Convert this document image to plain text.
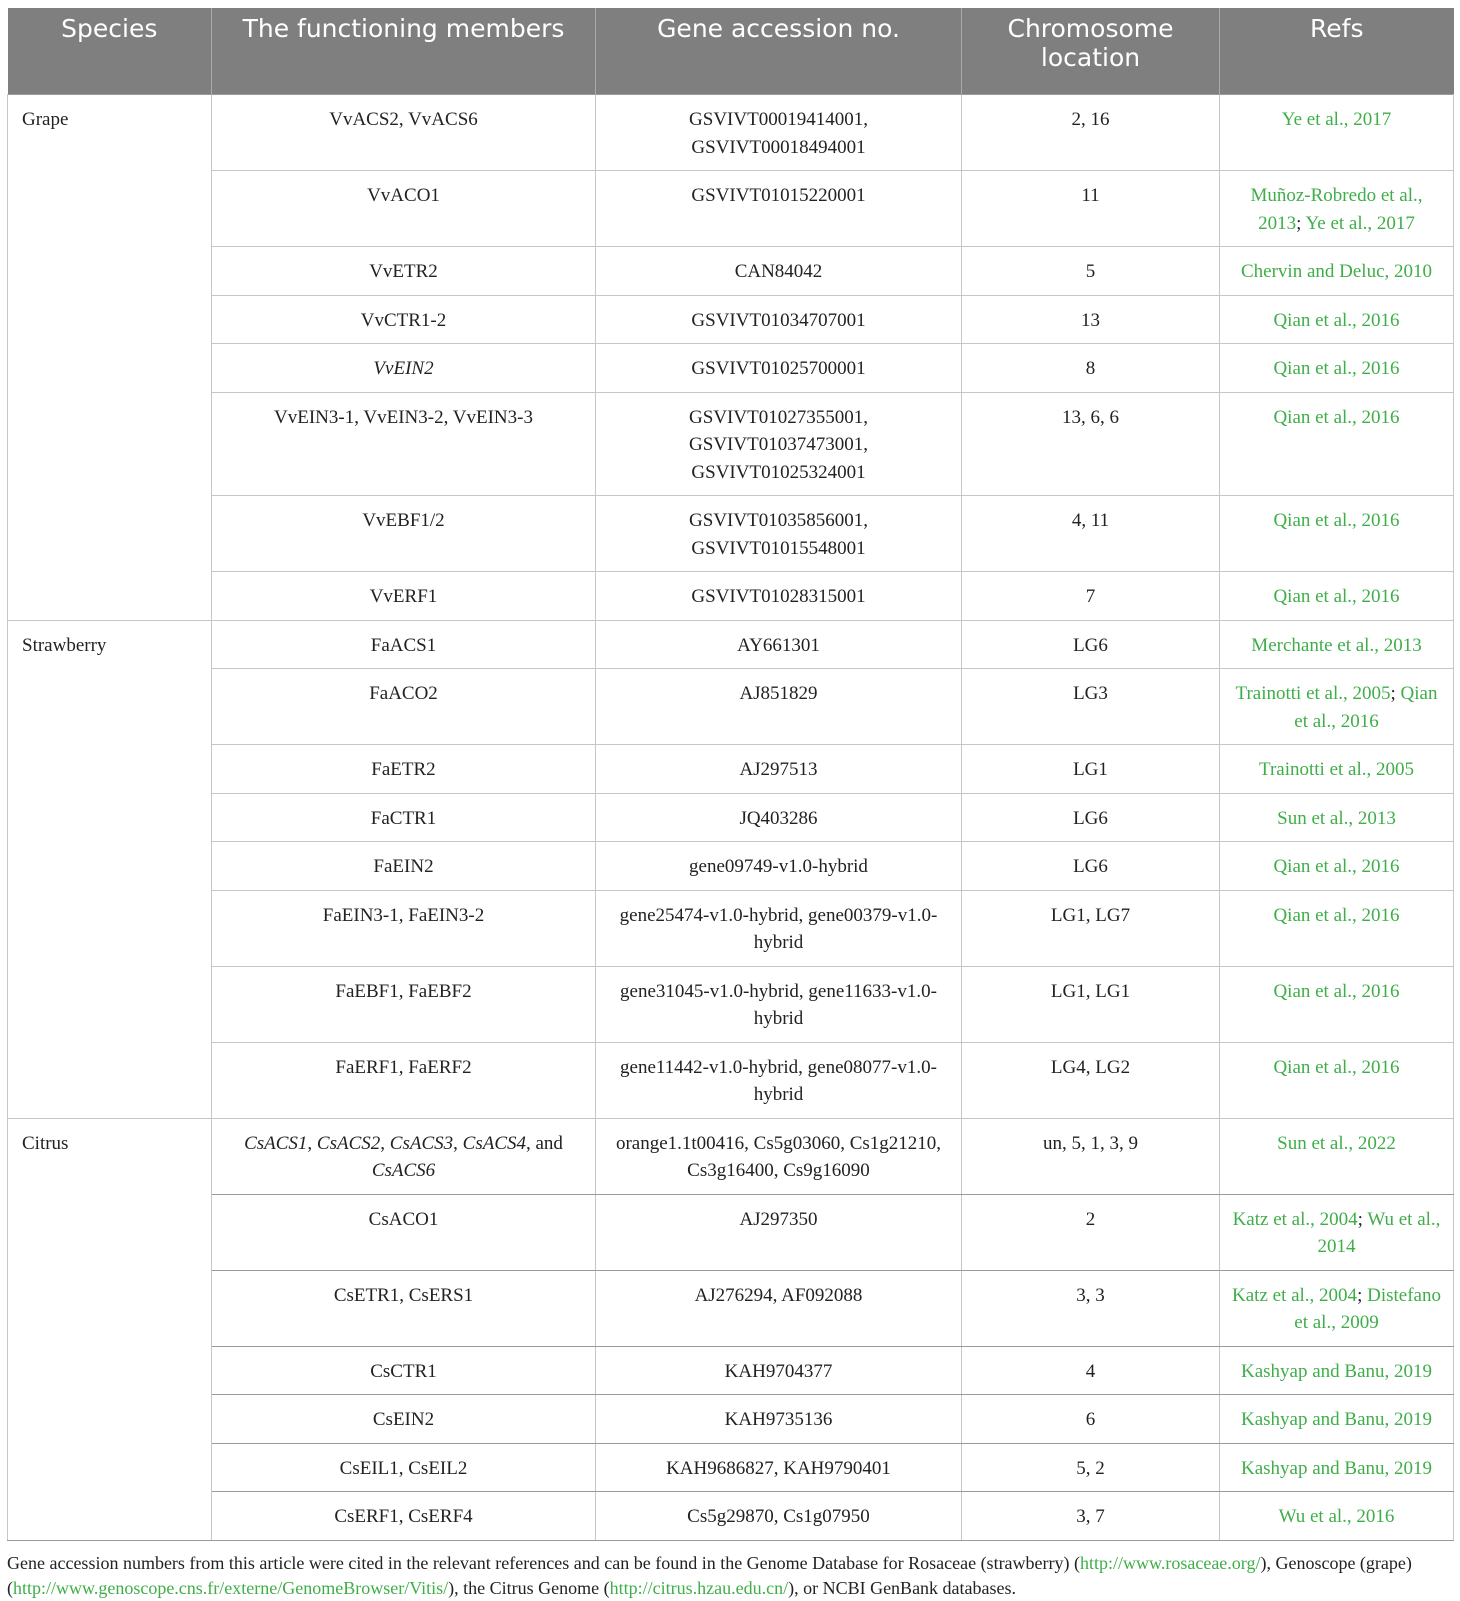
Species	The functioning members	Gene accession no.	Chromosome location	Refs
Grape	VvACS2, VvACS6	GSVIVT00019414001, GSVIVT00018494001	2, 16	Ye et al., 2017
	VvACO1	GSVIVT01015220001	11	Muñoz-Robredo et al., 2013; Ye et al., 2017
	VvETR2	CAN84042	5	Chervin and Deluc, 2010
	VvCTR1-2	GSVIVT01034707001	13	Qian et al., 2016
	VvEIN2	GSVIVT01025700001	8	Qian et al., 2016
	VvEIN3-1, VvEIN3-2, VvEIN3-3	GSVIVT01027355001, GSVIVT01037473001, GSVIVT01025324001	13, 6, 6	Qian et al., 2016
	VvEBF1/2	GSVIVT01035856001, GSVIVT01015548001	4, 11	Qian et al., 2016
	VvERF1	GSVIVT01028315001	7	Qian et al., 2016
Strawberry	FaACS1	AY661301	LG6	Merchante et al., 2013
	FaACO2	AJ851829	LG3	Trainotti et al., 2005; Qian et al., 2016
	FaETR2	AJ297513	LG1	Trainotti et al., 2005
	FaCTR1	JQ403286	LG6	Sun et al., 2013
	FaEIN2	gene09749-v1.0-hybrid	LG6	Qian et al., 2016
	FaEIN3-1, FaEIN3-2	gene25474-v1.0-hybrid, gene00379-v1.0-hybrid	LG1, LG7	Qian et al., 2016
	FaEBF1, FaEBF2	gene31045-v1.0-hybrid, gene11633-v1.0-hybrid	LG1, LG1	Qian et al., 2016
	FaERF1, FaERF2	gene11442-v1.0-hybrid, gene08077-v1.0-hybrid	LG4, LG2	Qian et al., 2016
Citrus	CsACS1, CsACS2, CsACS3, CsACS4, and CsACS6	orange1.1t00416, Cs5g03060, Cs1g21210, Cs3g16400, Cs9g16090	un, 5, 1, 3, 9	Sun et al., 2022
	CsACO1	AJ297350	2	Katz et al., 2004; Wu et al., 2014
	CsETR1, CsERS1	AJ276294, AF092088	3, 3	Katz et al., 2004; Distefano et al., 2009
	CsCTR1	KAH9704377	4	Kashyap and Banu, 2019
	CsEIN2	KAH9735136	6	Kashyap and Banu, 2019
	CsEIL1, CsEIL2	KAH9686827, KAH9790401	5, 2	Kashyap and Banu, 2019
	CsERF1, CsERF4	Cs5g29870, Cs1g07950	3, 7	Wu et al., 2016
Gene accession numbers from this article were cited in the relevant references and can be found in the Genome Database for Rosaceae (strawberry) (http://www.rosaceae.org/), Genoscope (grape) (http://www.genoscope.cns.fr/externe/GenomeBrowser/Vitis/), the Citrus Genome (http://citrus.hzau.edu.cn/), or NCBI GenBank databases.
